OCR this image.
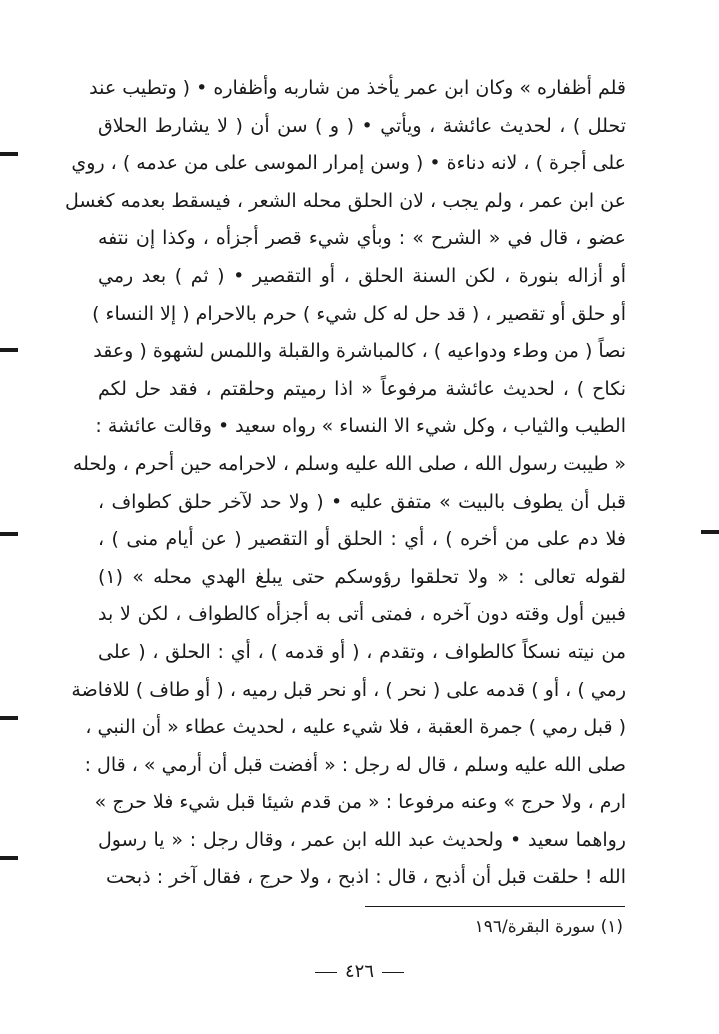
قلم أظفاره » وكان ابن عمر يأخذ من شاربه وأظفاره • ( وتطيب عند
تحلل ) ، لحديث عائشة ، ويأتي • ( و ) سن أن ( لا يشارط الحلاق
على أجرة ) ، لانه دناءة • ( وسن إمرار الموسى على من عدمه ) ، روي
عن ابن عمر ، ولم يجب ، لان الحلق محله الشعر ، فيسقط بعدمه كغسل
عضو ، قال في « الشرح » : وبأي شيء قصر أجزأه ، وكذا إن نتفه
أو أزاله بنورة ، لكن السنة الحلق ، أو التقصير • ( ثم ) بعد رمي
أو حلق أو تقصير ، ( قد حل له كل شيء ) حرم بالاحرام ( إلا النساء )
نصاً ( من وطء ودواعيه ) ، كالمباشرة والقبلة واللمس لشهوة ( وعقد
نكاح ) ، لحديث عائشة مرفوعاً « اذا رميتم وحلقتم ، فقد حل لكم
الطيب والثياب ، وكل شيء الا النساء » رواه سعيد • وقالت عائشة :
« طيبت رسول الله ، صلى الله عليه وسلم ، لاحرامه حين أحرم ، ولحله
قبل أن يطوف بالبيت » متفق عليه • ( ولا حد لآخر حلق كطواف ،
فلا دم على من أخره ) ، أي : الحلق أو التقصير ( عن أيام منى ) ،
لقوله تعالى : « ولا تحلقوا رؤوسكم حتى يبلغ الهدي محله » (١)
فبين أول وقته دون آخره ، فمتى أتى به أجزأه كالطواف ، لكن لا بد
من نيته نسكاً كالطواف ، وتقدم ، ( أو قدمه ) ، أي : الحلق ، ( على
رمي ) ، أو ) قدمه على ( نحر ) ، أو نحر قبل رميه ، ( أو طاف ) للافاضة
( قبل رمي ) جمرة العقبة ، فلا شيء عليه ، لحديث عطاء « أن النبي ،
صلى الله عليه وسلم ، قال له رجل : « أفضت قبل أن أرمي » ، قال :
ارم ، ولا حرج » وعنه مرفوعا : « من قدم شيئا قبل شيء فلا حرج »
رواهما سعيد • ولحديث عبد الله ابن عمر ، وقال رجل : « يا رسول
الله ! حلقت قبل أن أذبح ، قال : اذبح ، ولا حرج ، فقال آخر : ذبحت
(١) سورة البقرة/١٩٦
٤٢٦
